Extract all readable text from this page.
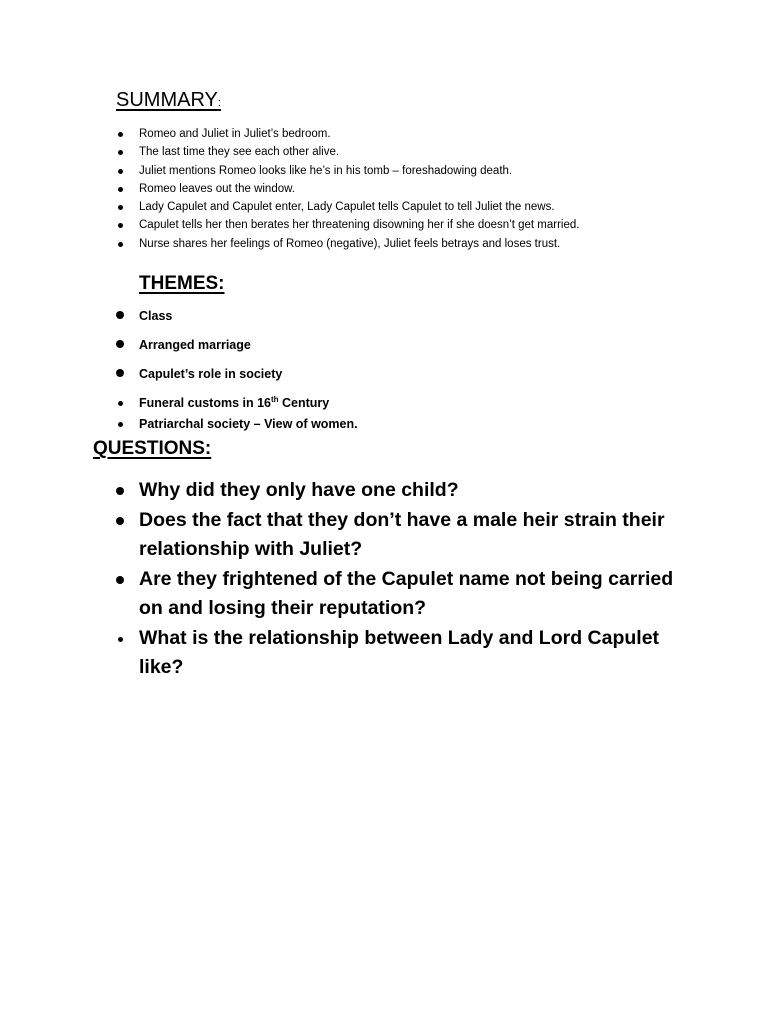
SUMMARY:
Romeo and Juliet in Juliet’s bedroom.
The last time they see each other alive.
Juliet mentions Romeo looks like he’s in his tomb – foreshadowing death.
Romeo leaves out the window.
Lady Capulet and Capulet enter, Lady Capulet tells Capulet to tell Juliet the news.
Capulet tells her then berates her threatening disowning her if she doesn’t get married.
Nurse shares her feelings of Romeo (negative), Juliet feels betrays and loses trust.
THEMES:
Class
Arranged marriage
Capulet’s role in society
Funeral customs in 16th Century
Patriarchal society – View of women.
QUESTIONS:
Why did they only have one child?
Does the fact that they don’t have a male heir strain their relationship with Juliet?
Are they frightened of the Capulet name not being carried on and losing their reputation?
What is the relationship between Lady and Lord Capulet like?
